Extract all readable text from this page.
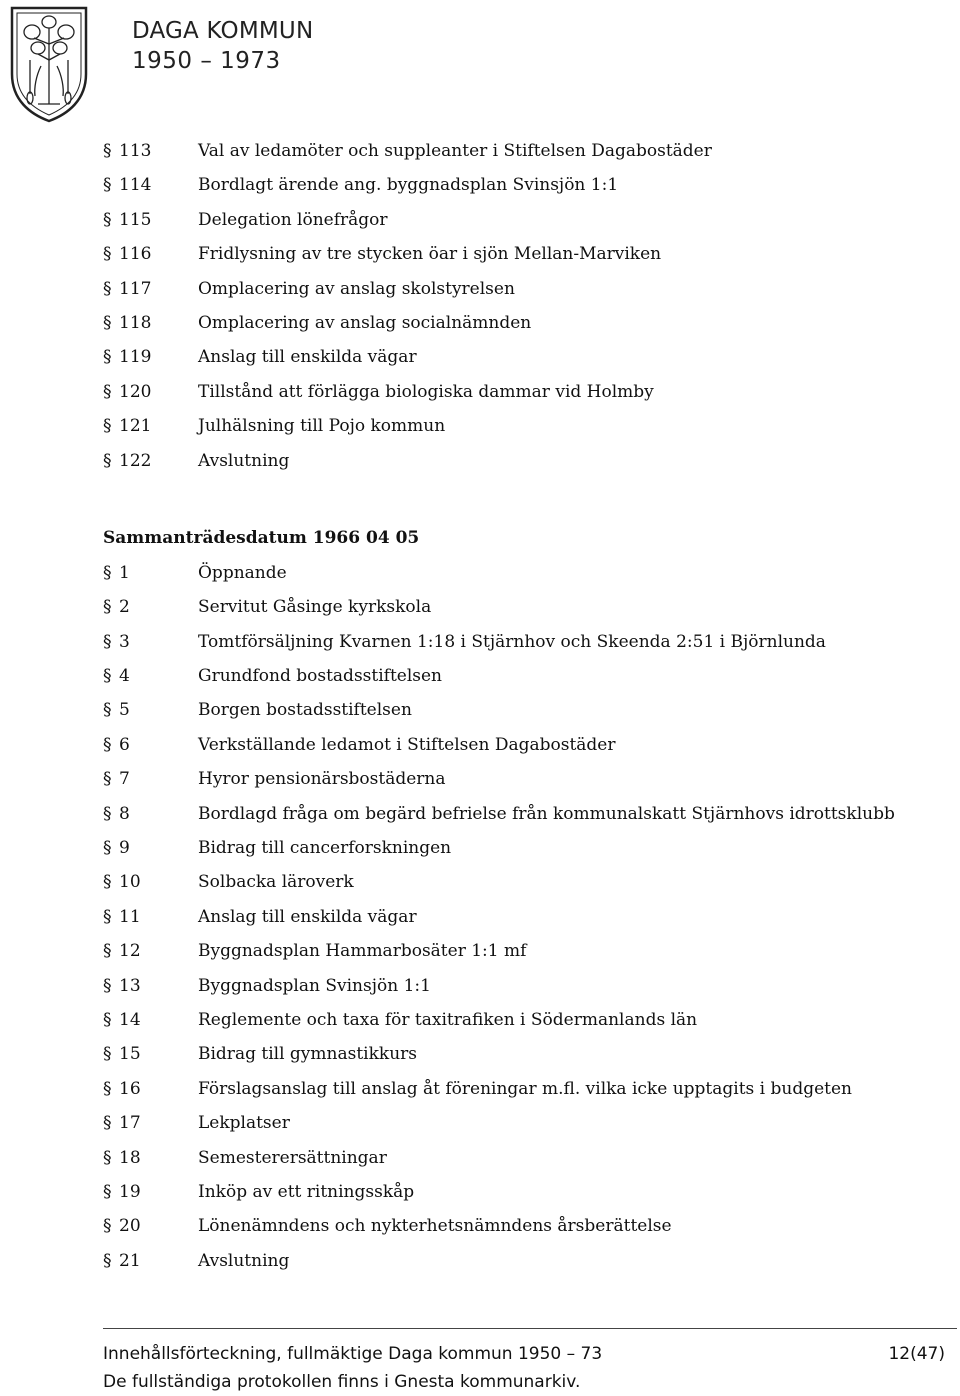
DAGA KOMMUN
1950 – 1973
§ 113	Val av ledamöter och suppleanter i Stiftelsen Dagabostäder
§ 114	Bordlagt ärende ang. byggnadsplan Svinsjön 1:1
§ 115	Delegation lönefrågor
§ 116	Fridlysning av tre stycken öar i sjön Mellan-Marviken
§ 117	Omplacering av anslag skolstyrelsen
§ 118	Omplacering av anslag socialnämnden
§ 119	Anslag till enskilda vägar
§ 120	Tillstånd att förlägga biologiska dammar vid Holmby
§ 121	Julhälsning till Pojo kommun
§ 122	Avslutning
Sammanträdesdatum 1966 04 05
§ 1	Öppnande
§ 2	Servitut Gåsinge kyrkskola
§ 3	Tomtförsäljning Kvarnen 1:18 i Stjärnhov och Skeenda 2:51 i Björnlunda
§ 4	Grundfond bostadsstiftelsen
§ 5	Borgen bostadsstiftelsen
§ 6	Verkställande ledamot i Stiftelsen Dagabostäder
§ 7	Hyror pensionärsbostäderna
§ 8	Bordlagd fråga om begärd befrielse från kommunalskatt Stjärnhovs idrottsklubb
§ 9	Bidrag till cancerforskningen
§ 10	Solbacka läroverk
§ 11	Anslag till enskilda vägar
§ 12	Byggnadsplan Hammarbosäter 1:1 mf
§ 13	Byggnadsplan Svinsjön 1:1
§ 14	Reglemente och taxa för taxitrafiken i Södermanlands län
§ 15	Bidrag till gymnastikkurs
§ 16	Förslagsanslag till anslag åt föreningar m.fl. vilka icke upptagits i budgeten
§ 17	Lekplatser
§ 18	Semesterersättningar
§ 19	Inköp av ett ritningsskåp
§ 20	Lönenämndens och nykterhetsnämndens årsberättelse
§ 21	Avslutning
Innehållsförteckning, fullmäktige Daga kommun 1950 – 73	12(47)
De fullständiga protokollen finns i Gnesta kommunarkiv.
